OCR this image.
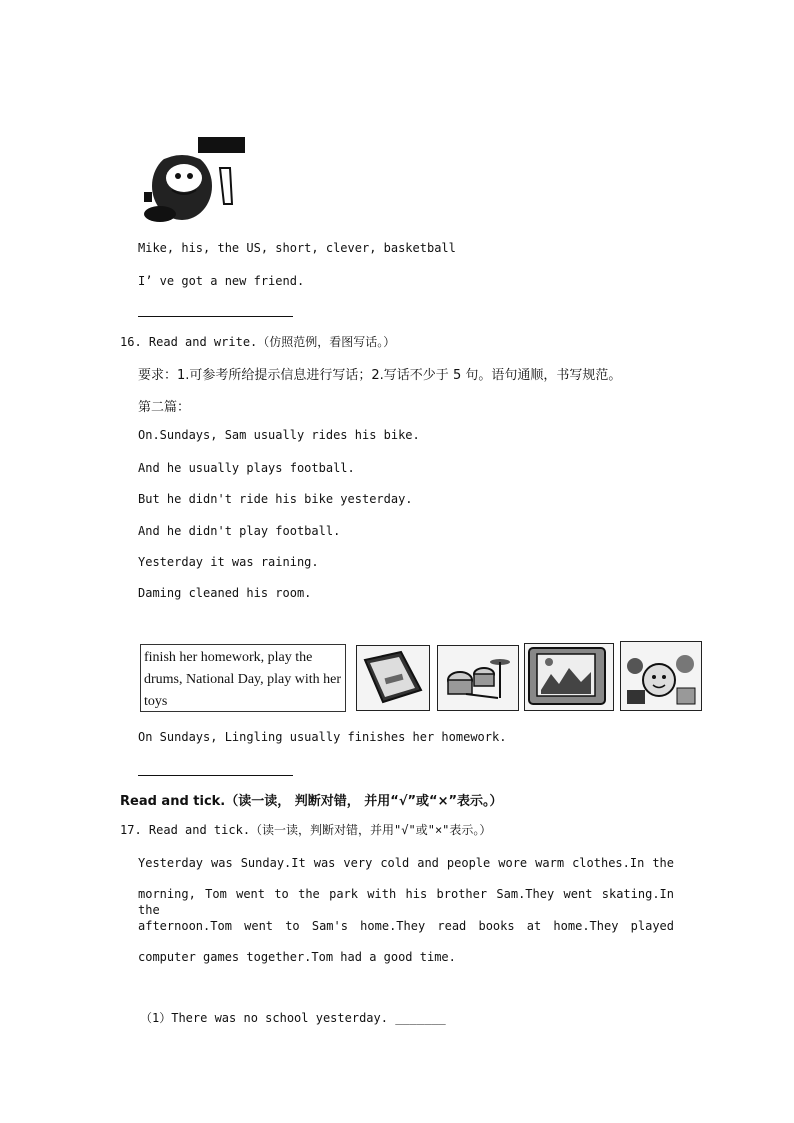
Mike, his, the US, short, clever, basketball
I’ ve got a new friend.
16. Read and write.（仿照范例，看图写话。）
要求：1.可参考所给提示信息进行写话；2.写话不少于 5 句。语句通顺，书写规范。
第二篇：
On.Sundays, Sam usually rides his bike.
And he usually plays football.
But he didn't ride his bike yesterday.
And he didn't play football.
Yesterday it was raining.
Daming cleaned his room.
finish her homework, play the drums, National Day, play with her toys
On Sundays, Lingling usually finishes her homework.
Read and tick.（读一读， 判断对错， 并用“√”或“×”表示。）
17. Read and tick.（读一读，判断对错，并用"√"或"×"表示。）
Yesterday was Sunday.It was very cold and people wore warm clothes.In the
morning, Tom went to the park with his brother Sam.They went skating.In the
afternoon.Tom went to Sam's home.They read books at home.They played
computer games together.Tom had a good time.
（1）There was no school yesterday. _______
